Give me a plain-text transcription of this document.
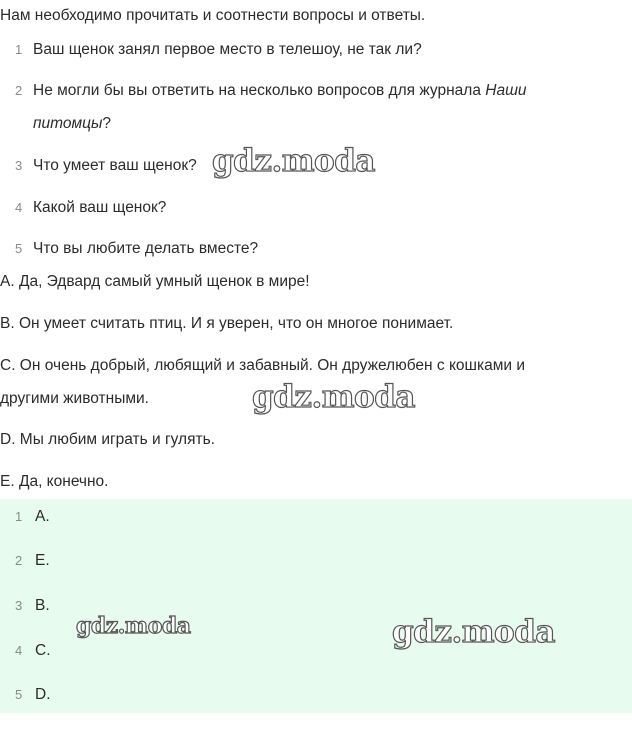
Нам необходимо прочитать и соотнести вопросы и ответы.
1 Ваш щенок занял первое место в телешоу, не так ли?
2 Не могли бы вы ответить на несколько вопросов для журнала Наши
питомцы?
3 Что умеет ваш щенок?
4 Какой ваш щенок?
5 Что вы любите делать вместе?
A. Да, Эдвард самый умный щенок в мире!
B. Он умеет считать птиц. И я уверен, что он многое понимает.
C. Он очень добрый, любящий и забавный. Он дружелюбен с кошками и
другими животными.
D. Мы любим играть и гулять.
E. Да, конечно.
1 A.
2 E.
3 B.
4 C.
5 D.
gdz.moda
gdz.moda
gdz.moda	gdz.moda
